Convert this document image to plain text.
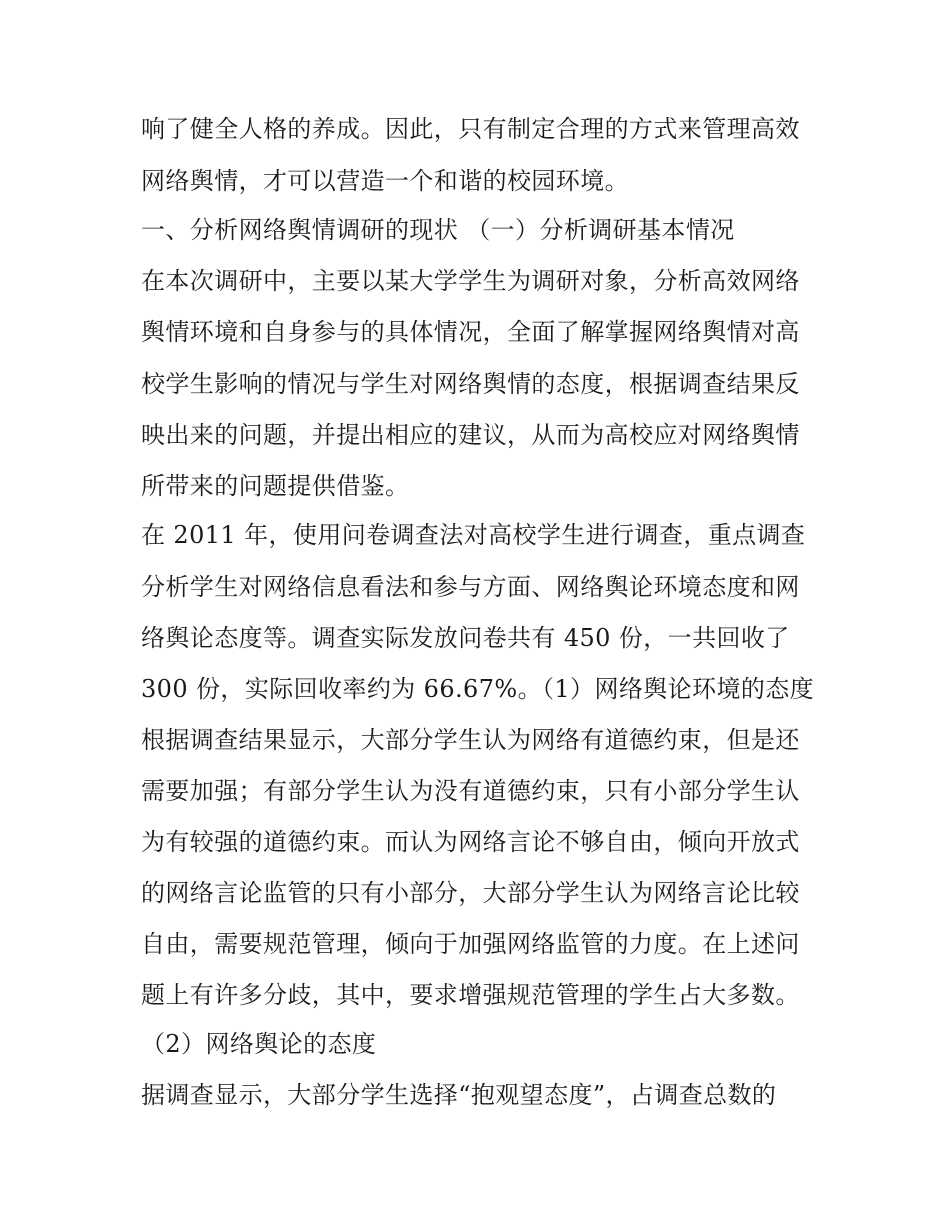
响了健全人格的养成。因此，只有制定合理的方式来管理高效
网络舆情，才可以营造一个和谐的校园环境。
一、分析网络舆情调研的现状 （一）分析调研基本情况
在本次调研中，主要以某大学学生为调研对象，分析高效网络
舆情环境和自身参与的具体情况，全面了解掌握网络舆情对高
校学生影响的情况与学生对网络舆情的态度，根据调查结果反
映出来的问题，并提出相应的建议，从而为高校应对网络舆情
所带来的问题提供借鉴。
在 2011 年，使用问卷调查法对高校学生进行调查，重点调查
分析学生对网络信息看法和参与方面、网络舆论环境态度和网
络舆论态度等。调查实际发放问卷共有 450 份，一共回收了
300 份，实际回收率约为 66.67%。（1）网络舆论环境的态度
根据调查结果显示，大部分学生认为网络有道德约束，但是还
需要加强；有部分学生认为没有道德约束，只有小部分学生认
为有较强的道德约束。而认为网络言论不够自由，倾向开放式
的网络言论监管的只有小部分，大部分学生认为网络言论比较
自由，需要规范管理，倾向于加强网络监管的力度。在上述问
题上有许多分歧，其中，要求增强规范管理的学生占大多数。
（2）网络舆论的态度
据调查显示，大部分学生选择“抱观望态度”，占调查总数的
